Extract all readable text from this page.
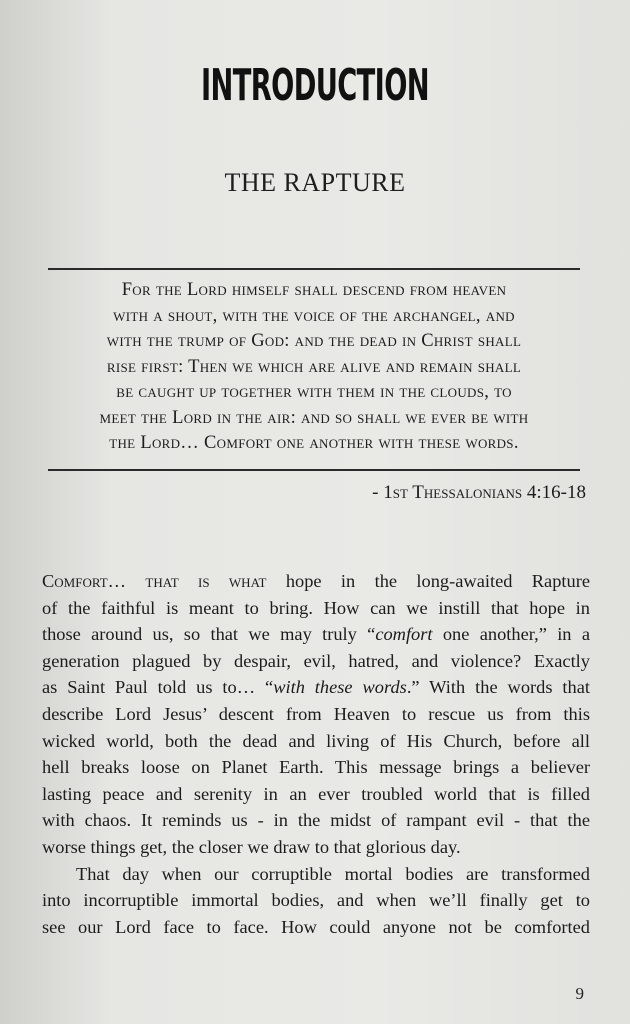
INTRODUCTION
THE RAPTURE
For the Lord himself shall descend from heaven
with a shout, with the voice of the archangel, and
with the trump of God: and the dead in Christ shall
rise first: Then we which are alive and remain shall
be caught up together with them in the clouds, to
meet the Lord in the air: and so shall we ever be with
the Lord… Comfort one another with these words.
- 1st Thessalonians 4:16-18
Comfort… that is what hope in the long-awaited Rapture
of the faithful is meant to bring. How can we instill that hope in
those around us, so that we may truly “comfort one another,” in a
generation plagued by despair, evil, hatred, and violence? Exactly
as Saint Paul told us to… “with these words.” With the words that
describe Lord Jesus’ descent from Heaven to rescue us from this
wicked world, both the dead and living of His Church, before all
hell breaks loose on Planet Earth. This message brings a believer
lasting peace and serenity in an ever troubled world that is filled
with chaos. It reminds us - in the midst of rampant evil - that the
worse things get, the closer we draw to that glorious day.
That day when our corruptible mortal bodies are transformed
into incorruptible immortal bodies, and when we’ll finally get to
see our Lord face to face. How could anyone not be comforted
9
